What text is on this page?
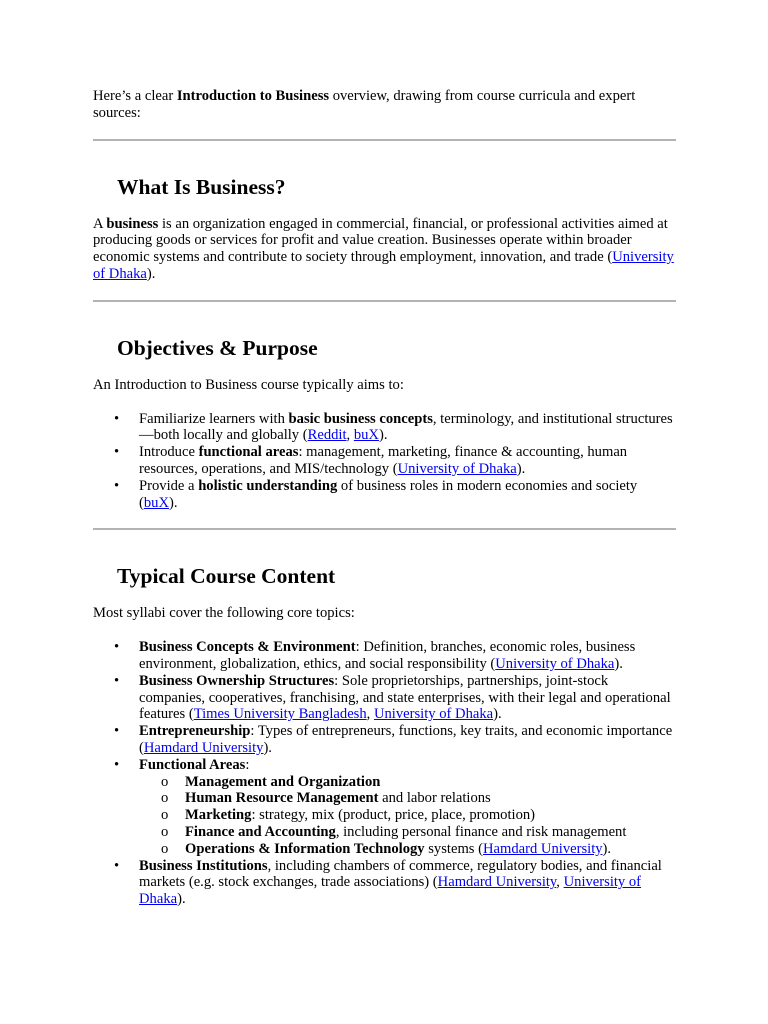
Here’s a clear Introduction to Business overview, drawing from course curricula and expert sources:

What Is Business?

A business is an organization engaged in commercial, financial, or professional activities aimed at producing goods or services for profit and value creation. Businesses operate within broader economic systems and contribute to society through employment, innovation, and trade (University of Dhaka).

Objectives & Purpose

An Introduction to Business course typically aims to:

• Familiarize learners with basic business concepts, terminology, and institutional structures—both locally and globally (Reddit, buX).
• Introduce functional areas: management, marketing, finance & accounting, human resources, operations, and MIS/technology (University of Dhaka).
• Provide a holistic understanding of business roles in modern economies and society (buX).
Typical Course Content

Most syllabi cover the following core topics:

• Business Concepts & Environment: Definition, branches, economic roles, business environment, globalization, ethics, and social responsibility (University of Dhaka).
• Business Ownership Structures: Sole proprietorships, partnerships, joint-stock companies, cooperatives, franchising, and state enterprises, with their legal and operational features (Times University Bangladesh, University of Dhaka).
• Entrepreneurship: Types of entrepreneurs, functions, key traits, and economic importance (Hamdard University).
• Functional Areas:
o Management and Organization
o Human Resource Management and labor relations
o Marketing: strategy, mix (product, price, place, promotion)
o Finance and Accounting, including personal finance and risk management
o Operations & Information Technology systems (Hamdard University).
• Business Institutions, including chambers of commerce, regulatory bodies, and financial markets (e.g. stock exchanges, trade associations) (Hamdard University, University of Dhaka).
